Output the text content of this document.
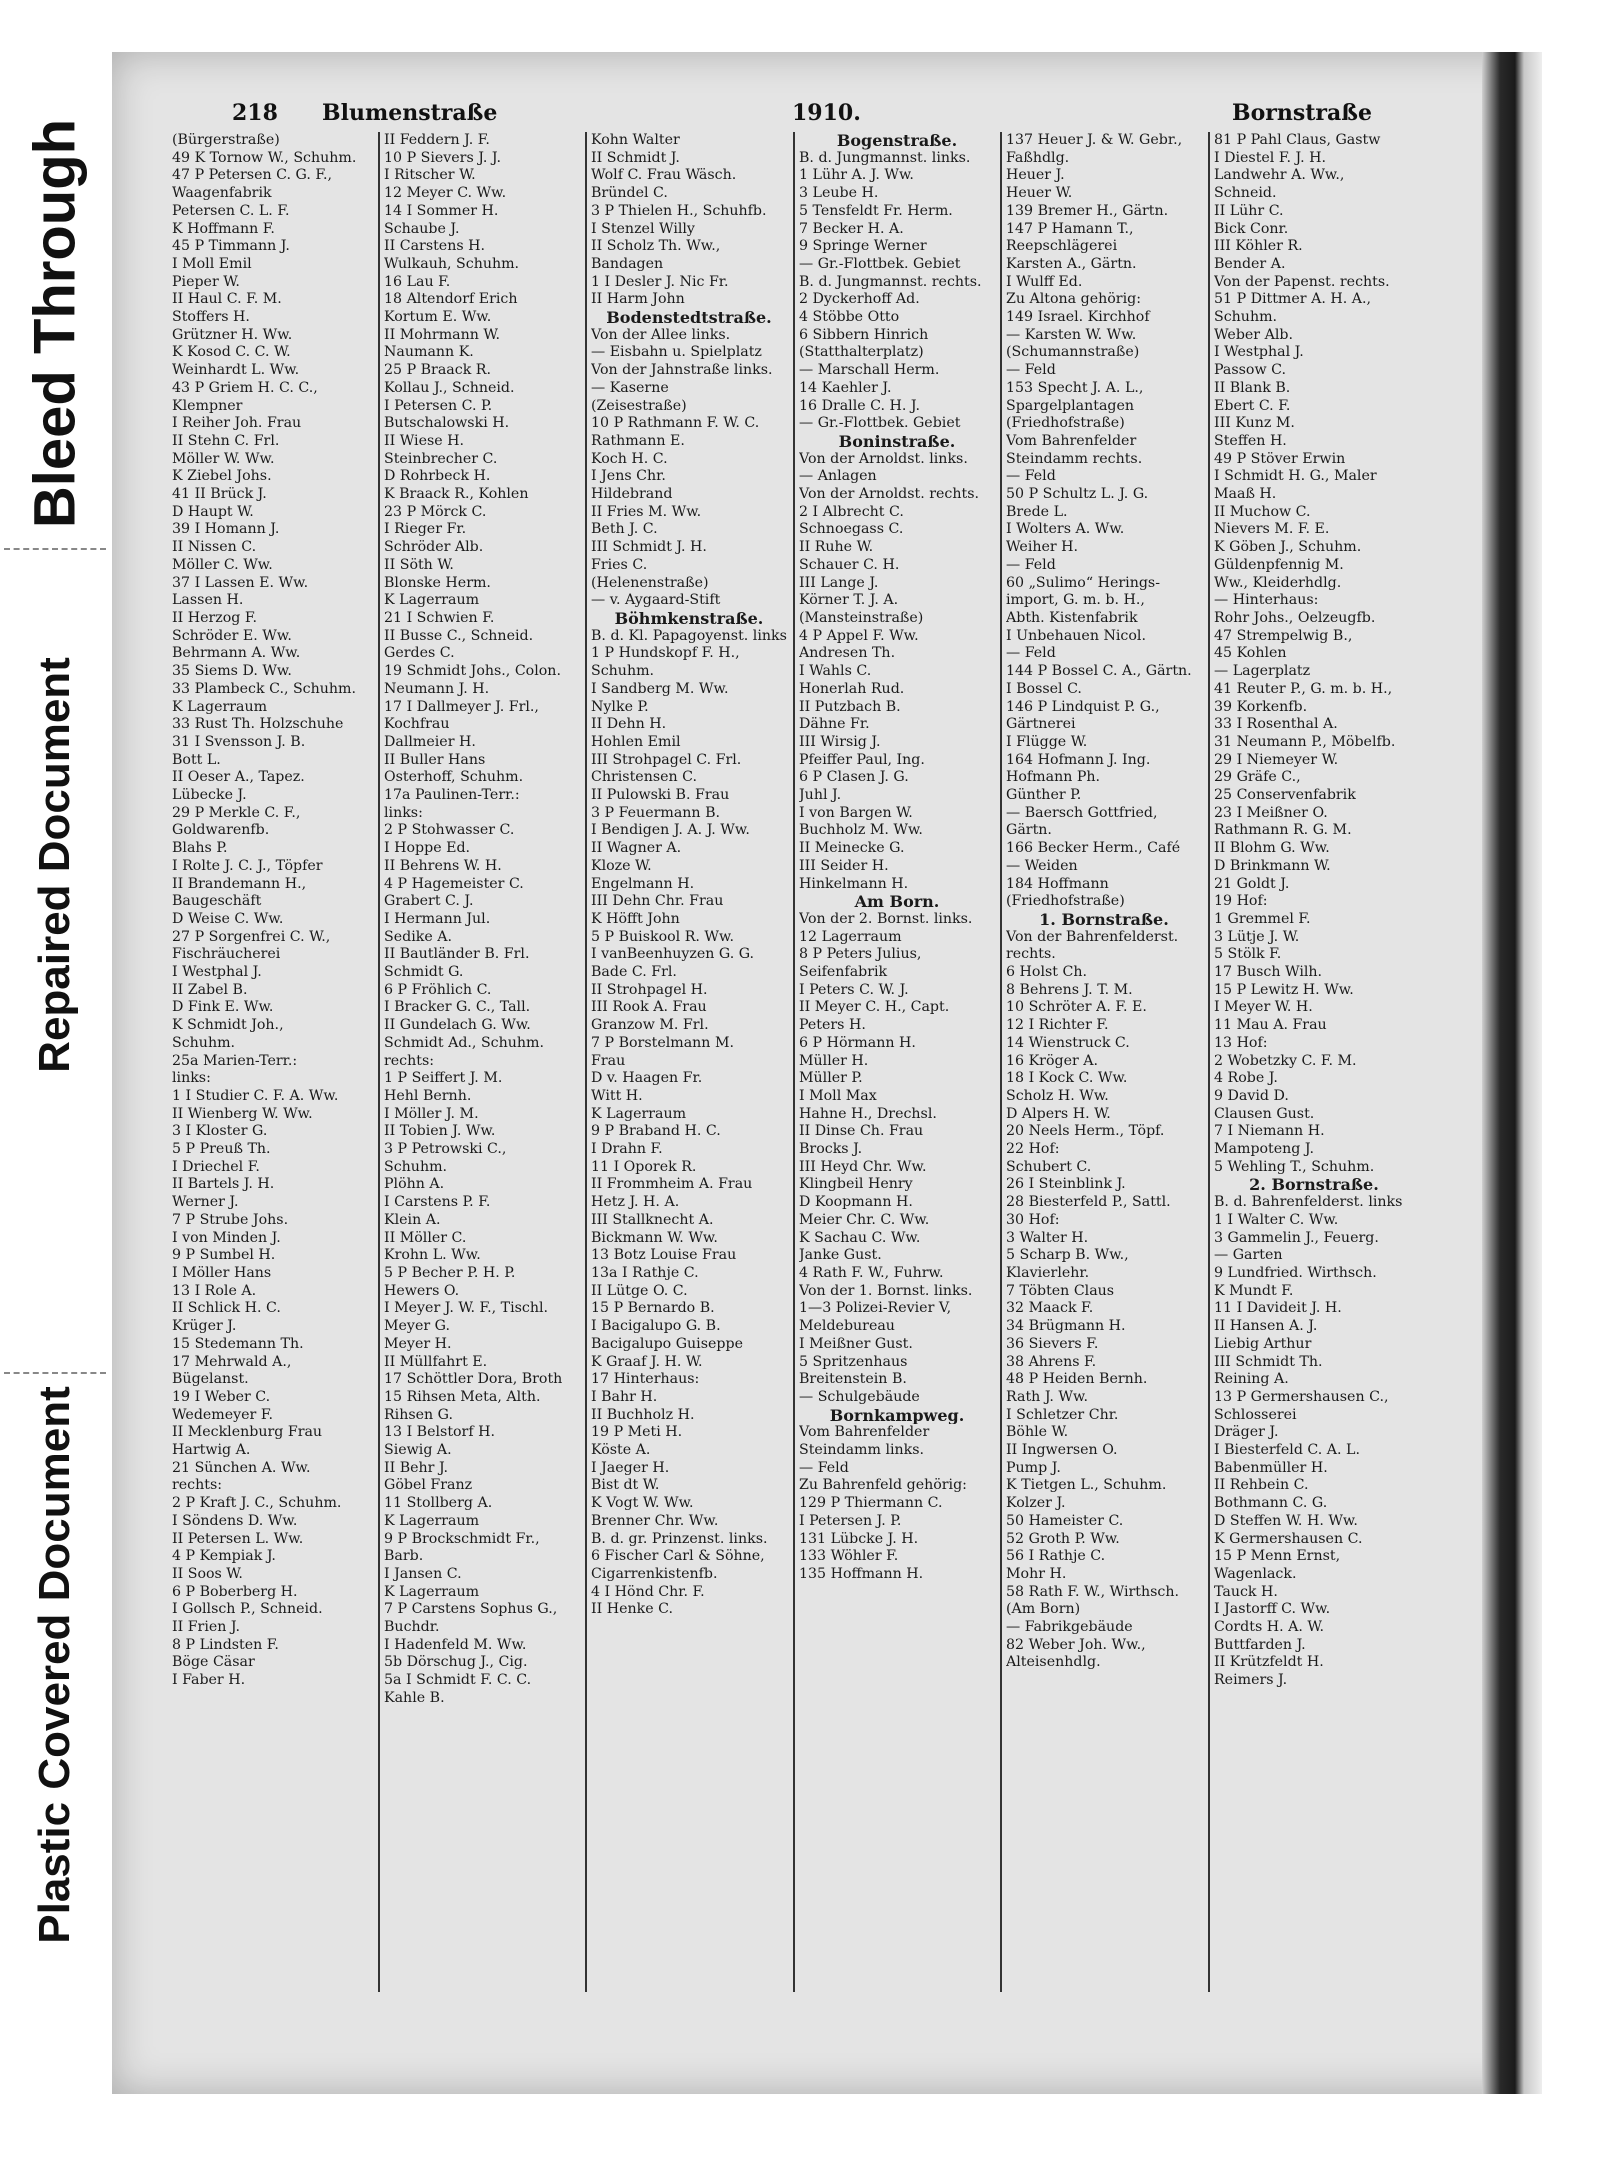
Bleed Through
Repaired Document
Plastic Covered Document
218 Blumenstraße	1910.	Bornstraße
(Bürgerstraße)
49 K Tornow W., Schuhm.
47 P Petersen C. G. F.,
Waagenfabrik
Petersen C. L. F.
K Hoffmann F.
45 P Timmann J.
I Moll Emil
Pieper W.
II Haul C. F. M.
Stoffers H.
Grützner H. Ww.
K Kosod C. C. W.
Weinhardt L. Ww.
43 P Griem H. C. C.,
Klempner
I Reiher Joh. Frau
II Stehn C. Frl.
Möller W. Ww.
K Ziebel Johs.
41 II Brück J.
D Haupt W.
39 I Homann J.
II Nissen C.
Möller C. Ww.
37 I Lassen E. Ww.
Lassen H.
II Herzog F.
Schröder E. Ww.
Behrmann A. Ww.
35 Siems D. Ww.
33 Plambeck C., Schuhm.
K Lagerraum
33 Rust Th. Holzschuhe
31 I Svensson J. B.
Bott L.
II Oeser A., Tapez.
Lübecke J.
29 P Merkle C. F.,
Goldwarenfb.
Blahs P.
I Rolte J. C. J., Töpfer
II Brandemann H.,
Baugeschäft
D Weise C. Ww.
27 P Sorgenfrei C. W.,
Fischräucherei
I Westphal J.
II Zabel B.
D Fink E. Ww.
K Schmidt Joh.,
Schuhm.
25a Marien-Terr.:
links:
1 I Studier C. F. A. Ww.
II Wienberg W. Ww.
3 I Kloster G.
5 P Preuß Th.
I Driechel F.
II Bartels J. H.
Werner J.
7 P Strube Johs.
I von Minden J.
9 P Sumbel H.
I Möller Hans
13 I Role A.
II Schlick H. C.
Krüger J.
15 Stedemann Th.
17 Mehrwald A.,
Bügelanst.
19 I Weber C.
Wedemeyer F.
II Mecklenburg Frau
Hartwig A.
21 Sünchen A. Ww.
rechts:
2 P Kraft J. C., Schuhm.
I Söndens D. Ww.
II Petersen L. Ww.
4 P Kempiak J.
II Soos W.
6 P Boberberg H.
I Gollsch P., Schneid.
II Frien J.
8 P Lindsten F.
Böge Cäsar
I Faber H.
II Feddern J. F.
10 P Sievers J. J.
I Ritscher W.
12 Meyer C. Ww.
14 I Sommer H.
Schaube J.
II Carstens H.
Wulkauh, Schuhm.
16 Lau F.
18 Altendorf Erich
Kortum E. Ww.
II Mohrmann W.
Naumann K.
25 P Braack R.
Kollau J., Schneid.
I Petersen C. P.
Butschalowski H.
II Wiese H.
Steinbrecher C.
D Rohrbeck H.
K Braack R., Kohlen
23 P Mörck C.
I Rieger Fr.
Schröder Alb.
II Söth W.
Blonske Herm.
K Lagerraum
21 I Schwien F.
II Busse C., Schneid.
Gerdes C.
19 Schmidt Johs., Colon.
Neumann J. H.
17 I Dallmeyer J. Frl.,
Kochfrau
Dallmeier H.
II Buller Hans
Osterhoff, Schuhm.
17a Paulinen-Terr.:
links:
2 P Stohwasser C.
I Hoppe Ed.
II Behrens W. H.
4 P Hagemeister C.
Grabert C. J.
I Hermann Jul.
Sedike A.
II Bautländer B. Frl.
Schmidt G.
6 P Fröhlich C.
I Bracker G. C., Tall.
II Gundelach G. Ww.
Schmidt Ad., Schuhm.
rechts:
1 P Seiffert J. M.
Hehl Bernh.
I Möller J. M.
II Tobien J. Ww.
3 P Petrowski C.,
Schuhm.
Plöhn A.
I Carstens P. F.
Klein A.
II Möller C.
Krohn L. Ww.
5 P Becher P. H. P.
Hewers O.
I Meyer J. W. F., Tischl.
Meyer G.
Meyer H.
II Müllfahrt E.
17 Schöttler Dora, Broth
15 Rihsen Meta, Alth.
Rihsen G.
13 I Belstorf H.
Siewig A.
II Behr J.
Göbel Franz
11 Stollberg A.
K Lagerraum
9 P Brockschmidt Fr.,
Barb.
I Jansen C.
K Lagerraum
7 P Carstens Sophus G.,
Buchdr.
I Hadenfeld M. Ww.
5b Dörschug J., Cig.
5a I Schmidt F. C. C.
Kahle B.
Kohn Walter
II Schmidt J.
Wolf C. Frau Wäsch.
Bründel C.
3 P Thielen H., Schuhfb.
I Stenzel Willy
II Scholz Th. Ww.,
Bandagen
1 I Desler J. Nic Fr.
II Harm John
Bodenstedtstraße.
Von der Allee links.
— Eisbahn u. Spielplatz
Von der Jahnstraße links.
— Kaserne
(Zeisestraße)
10 P Rathmann F. W. C.
Rathmann E.
Koch H. C.
I Jens Chr.
Hildebrand
II Fries M. Ww.
Beth J. C.
III Schmidt J. H.
Fries C.
(Helenenstraße)
— v. Aygaard-Stift
Böhmkenstraße.
B. d. Kl. Papagoyenst. links
1 P Hundskopf F. H.,
Schuhm.
I Sandberg M. Ww.
Nylke P.
II Dehn H.
Hohlen Emil
III Strohpagel C. Frl.
Christensen C.
II Pulowski B. Frau
3 P Feuermann B.
I Bendigen J. A. J. Ww.
II Wagner A.
Kloze W.
Engelmann H.
III Dehn Chr. Frau
K Höfft John
5 P Buiskool R. Ww.
I vanBeenhuyzen G. G.
Bade C. Frl.
II Strohpagel H.
III Rook A. Frau
Granzow M. Frl.
7 P Borstelmann M.
Frau
D v. Haagen Fr.
Witt H.
K Lagerraum
9 P Braband H. C.
I Drahn F.
11 I Oporek R.
II Frommheim A. Frau
Hetz J. H. A.
III Stallknecht A.
Bickmann W. Ww.
13 Botz Louise Frau
13a I Rathje C.
II Lütge O. C.
15 P Bernardo B.
I Bacigalupo G. B.
Bacigalupo Guiseppe
K Graaf J. H. W.
17 Hinterhaus:
I Bahr H.
II Buchholz H.
19 P Meti H.
Köste A.
I Jaeger H.
Bist dt W.
K Vogt W. Ww.
Brenner Chr. Ww.
B. d. gr. Prinzenst. links.
6 Fischer Carl & Söhne,
Cigarrenkistenfb.
4 I Hönd Chr. F.
II Henke C.
Bogenstraße.
B. d. Jungmannst. links.
1 Lühr A. J. Ww.
3 Leube H.
5 Tensfeldt Fr. Herm.
7 Becker H. A.
9 Springe Werner
— Gr.-Flottbek. Gebiet
B. d. Jungmannst. rechts.
2 Dyckerhoff Ad.
4 Stöbbe Otto
6 Sibbern Hinrich
(Statthalterplatz)
— Marschall Herm.
14 Kaehler J.
16 Dralle C. H. J.
— Gr.-Flottbek. Gebiet
Boninstraße.
Von der Arnoldst. links.
— Anlagen
Von der Arnoldst. rechts.
2 I Albrecht C.
Schnoegass C.
II Ruhe W.
Schauer C. H.
III Lange J.
Körner T. J. A.
(Mansteinstraße)
4 P Appel F. Ww.
Andresen Th.
I Wahls C.
Honerlah Rud.
II Putzbach B.
Dähne Fr.
III Wirsig J.
Pfeiffer Paul, Ing.
6 P Clasen J. G.
Juhl J.
I von Bargen W.
Buchholz M. Ww.
II Meinecke G.
III Seider H.
Hinkelmann H.
Am Born.
Von der 2. Bornst. links.
12 Lagerraum
8 P Peters Julius,
Seifenfabrik
I Peters C. W. J.
II Meyer C. H., Capt.
Peters H.
6 P Hörmann H.
Müller H.
Müller P.
I Moll Max
Hahne H., Drechsl.
II Dinse Ch. Frau
Brocks J.
III Heyd Chr. Ww.
Klingbeil Henry
D Koopmann H.
Meier Chr. C. Ww.
K Sachau C. Ww.
Janke Gust.
4 Rath F. W., Fuhrw.
Von der 1. Bornst. links.
1—3 Polizei-Revier V,
Meldebureau
I Meißner Gust.
5 Spritzenhaus
Breitenstein B.
— Schulgebäude
Bornkampweg.
Vom Bahrenfelder
Steindamm links.
— Feld
Zu Bahrenfeld gehörig:
129 P Thiermann C.
I Petersen J. P.
131 Lübcke J. H.
133 Wöhler F.
135 Hoffmann H.
137 Heuer J. & W. Gebr.,
Faßhdlg.
Heuer J.
Heuer W.
139 Bremer H., Gärtn.
147 P Hamann T.,
Reepschlägerei
Karsten A., Gärtn.
I Wulff Ed.
Zu Altona gehörig:
149 Israel. Kirchhof
— Karsten W. Ww.
(Schumannstraße)
— Feld
153 Specht J. A. L.,
Spargelplantagen
(Friedhofstraße)
Vom Bahrenfelder
Steindamm rechts.
— Feld
50 P Schultz L. J. G.
Brede L.
I Wolters A. Ww.
Weiher H.
— Feld
60 „Sulimo“ Herings-
import, G. m. b. H.,
Abth. Kistenfabrik
I Unbehauen Nicol.
— Feld
144 P Bossel C. A., Gärtn.
I Bossel C.
146 P Lindquist P. G.,
Gärtnerei
I Flügge W.
164 Hofmann J. Ing.
Hofmann Ph.
Günther P.
— Baersch Gottfried,
Gärtn.
166 Becker Herm., Café
— Weiden
184 Hoffmann
(Friedhofstraße)
1. Bornstraße.
Von der Bahrenfelderst.
rechts.
6 Holst Ch.
8 Behrens J. T. M.
10 Schröter A. F. E.
12 I Richter F.
14 Wienstruck C.
16 Kröger A.
18 I Kock C. Ww.
Scholz H. Ww.
D Alpers H. W.
20 Neels Herm., Töpf.
22 Hof:
Schubert C.
26 I Steinblink J.
28 Biesterfeld P., Sattl.
30 Hof:
3 Walter H.
5 Scharp B. Ww.,
Klavierlehr.
7 Töbten Claus
32 Maack F.
34 Brügmann H.
36 Sievers F.
38 Ahrens F.
48 P Heiden Bernh.
Rath J. Ww.
I Schletzer Chr.
Böhle W.
II Ingwersen O.
Pump J.
K Tietgen L., Schuhm.
Kolzer J.
50 Hameister C.
52 Groth P. Ww.
56 I Rathje C.
Mohr H.
58 Rath F. W., Wirthsch.
(Am Born)
— Fabrikgebäude
82 Weber Joh. Ww.,
Alteisenhdlg.
81 P Pahl Claus, Gastw
I Diestel F. J. H.
Landwehr A. Ww.,
Schneid.
II Lühr C.
Bick Conr.
III Köhler R.
Bender A.
Von der Papenst. rechts.
51 P Dittmer A. H. A.,
Schuhm.
Weber Alb.
I Westphal J.
Passow C.
II Blank B.
Ebert C. F.
III Kunz M.
Steffen H.
49 P Stöver Erwin
I Schmidt H. G., Maler
Maaß H.
II Muchow C.
Nievers M. F. E.
K Göben J., Schuhm.
Güldenpfennig M.
Ww., Kleiderhdlg.
— Hinterhaus:
Rohr Johs., Oelzeugfb.
47 Strempelwig B.,
45 Kohlen
— Lagerplatz
41 Reuter P., G. m. b. H.,
39 Korkenfb.
33 I Rosenthal A.
31 Neumann P., Möbelfb.
29 I Niemeyer W.
29 Gräfe C.,
25 Conservenfabrik
23 I Meißner O.
Rathmann R. G. M.
II Blohm G. Ww.
D Brinkmann W.
21 Goldt J.
19 Hof:
1 Gremmel F.
3 Lütje J. W.
5 Stölk F.
17 Busch Wilh.
15 P Lewitz H. Ww.
I Meyer W. H.
11 Mau A. Frau
13 Hof:
2 Wobetzky C. F. M.
4 Robe J.
9 David D.
Clausen Gust.
7 I Niemann H.
Mampoteng J.
5 Wehling T., Schuhm.
2. Bornstraße.
B. d. Bahrenfelderst. links
1 I Walter C. Ww.
3 Gammelin J., Feuerg.
— Garten
9 Lundfried. Wirthsch.
K Mundt F.
11 I Davideit J. H.
II Hansen A. J.
Liebig Arthur
III Schmidt Th.
Reining A.
13 P Germershausen C.,
Schlosserei
Dräger J.
I Biesterfeld C. A. L.
Babenmüller H.
II Rehbein C.
Bothmann C. G.
D Steffen W. H. Ww.
K Germershausen C.
15 P Menn Ernst,
Wagenlack.
Tauck H.
I Jastorff C. Ww.
Cordts H. A. W.
Buttfarden J.
II Krützfeldt H.
Reimers J.
